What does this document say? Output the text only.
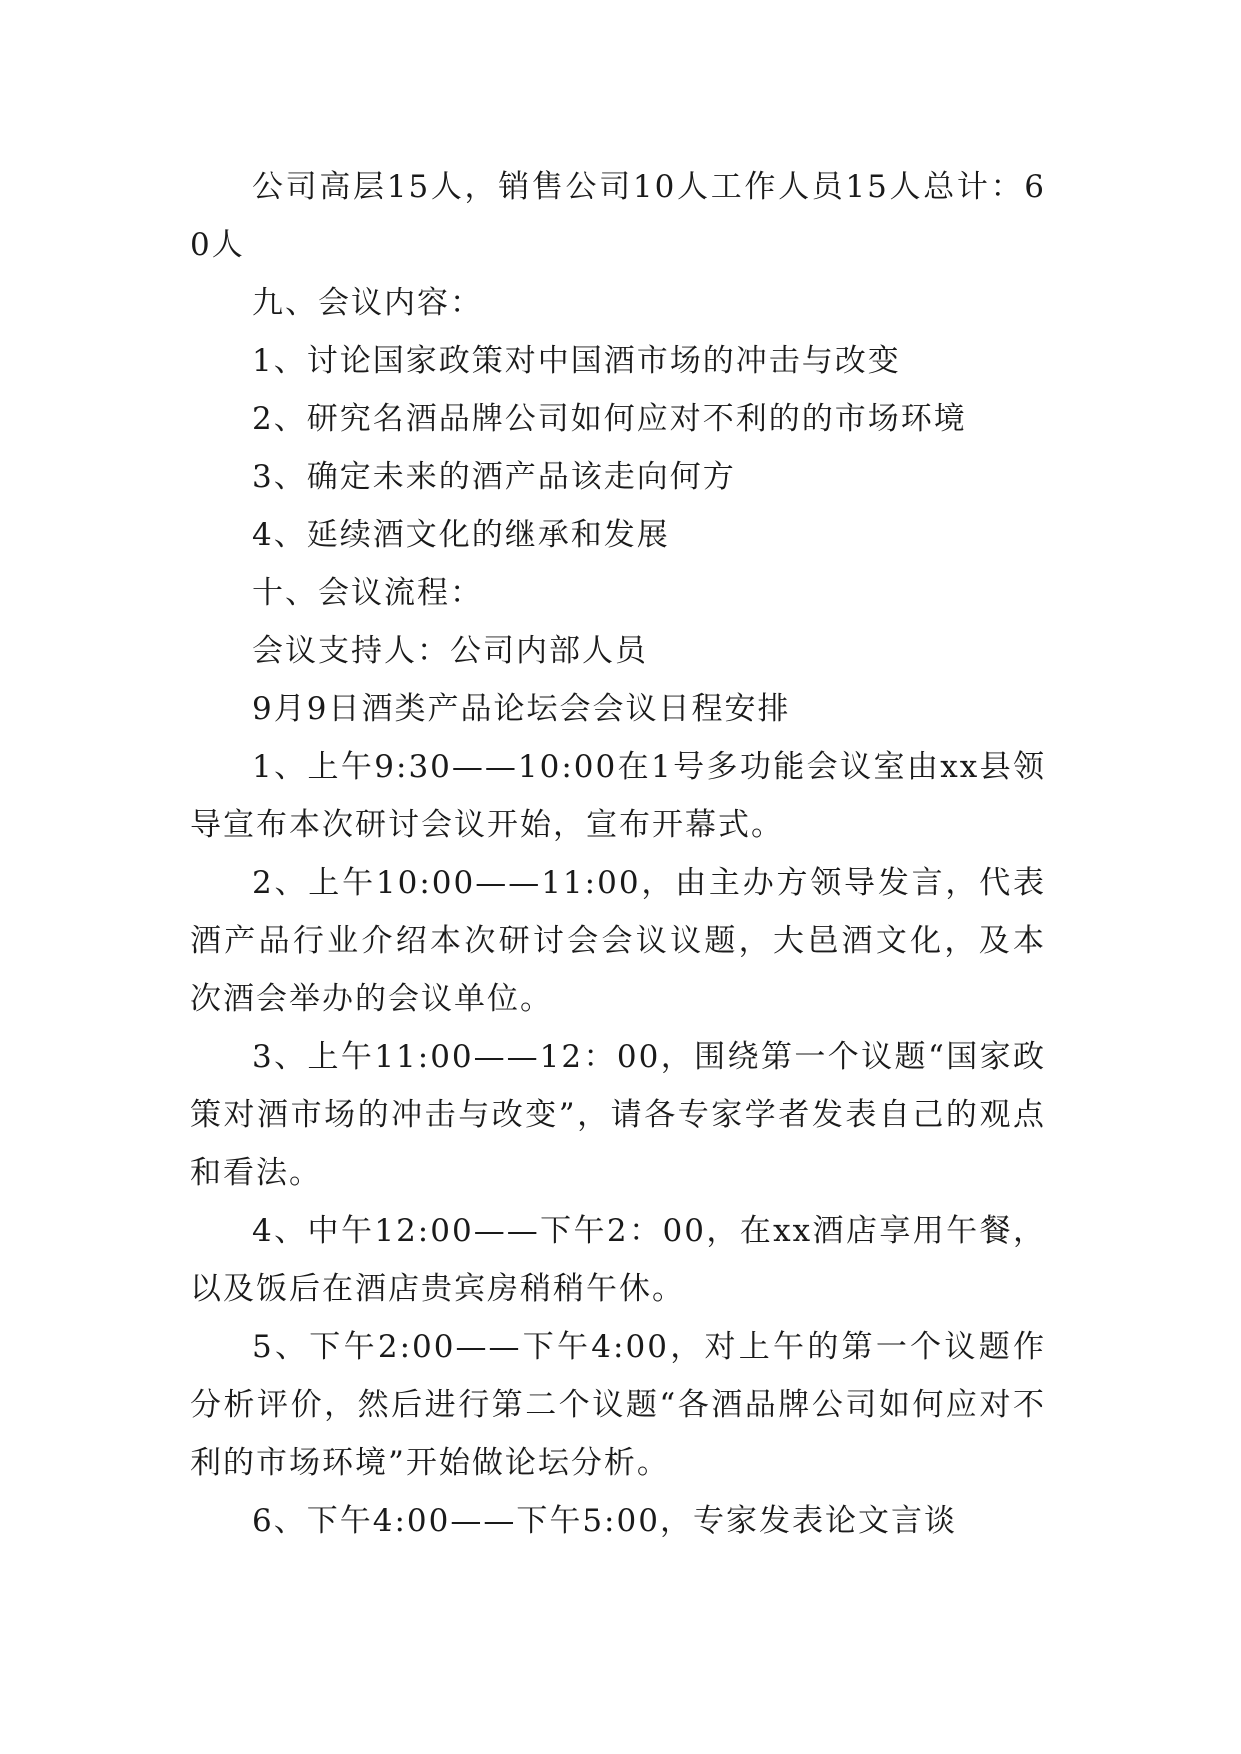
公司高层15人，销售公司10人工作人员15人总计：60人

九、会议内容：

1、讨论国家政策对中国酒市场的冲击与改变

2、研究名酒品牌公司如何应对不利的的市场环境

3、确定未来的酒产品该走向何方

4、延续酒文化的继承和发展

十、会议流程：

会议支持人：公司内部人员

9月9日酒类产品论坛会会议日程安排

1、上午9:30——10:00在1号多功能会议室由xx县领导宣布本次研讨会议开始，宣布开幕式。

2、上午10:00——11:00，由主办方领导发言，代表酒产品行业介绍本次研讨会会议议题，大邑酒文化，及本次酒会举办的会议单位。

3、上午11:00——12：00，围绕第一个议题“国家政策对酒市场的冲击与改变”，请各专家学者发表自己的观点和看法。

4、中午12:00——下午2：00，在xx酒店享用午餐，以及饭后在酒店贵宾房稍稍午休。

5、下午2:00——下午4:00，对上午的第一个议题作分析评价，然后进行第二个议题“各酒品牌公司如何应对不利的市场环境”开始做论坛分析。

6、下午4:00——下午5:00，专家发表论文言谈
